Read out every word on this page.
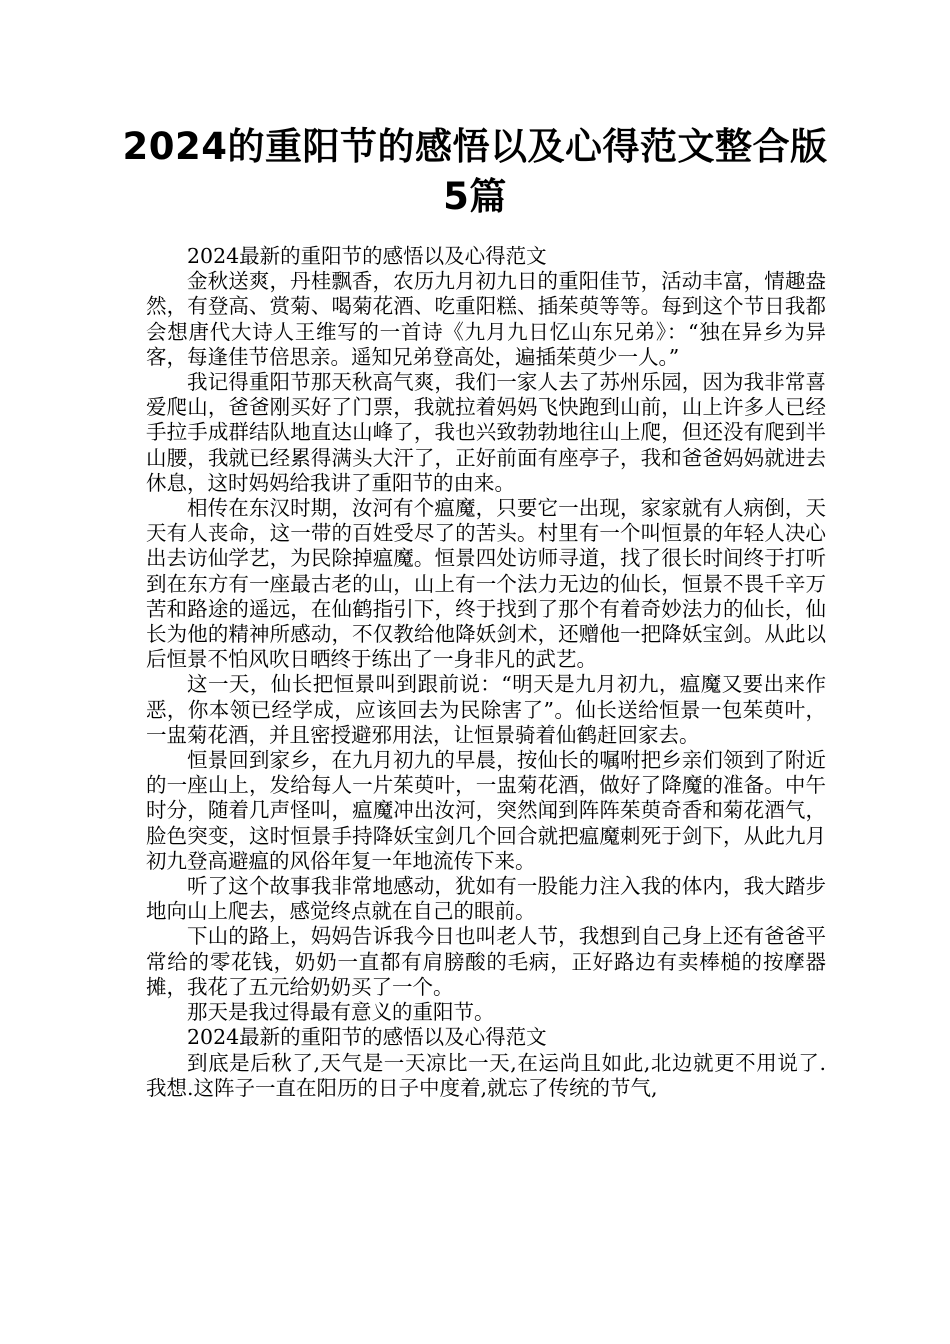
2024的重阳节的感悟以及心得范文整合版5篇

2024最新的重阳节的感悟以及心得范文

金秋送爽，丹桂飘香，农历九月初九日的重阳佳节，活动丰富，情趣盎然，有登高、赏菊、喝菊花酒、吃重阳糕、插茱萸等等。每到这个节日我都会想唐代大诗人王维写的一首诗《九月九日忆山东兄弟》：“独在异乡为异客，每逢佳节倍思亲。遥知兄弟登高处，遍插茱萸少一人。”

我记得重阳节那天秋高气爽，我们一家人去了苏州乐园，因为我非常喜爱爬山，爸爸刚买好了门票，我就拉着妈妈飞快跑到山前，山上许多人已经手拉手成群结队地直达山峰了，我也兴致勃勃地往山上爬，但还没有爬到半山腰，我就已经累得满头大汗了，正好前面有座亭子，我和爸爸妈妈就进去休息，这时妈妈给我讲了重阳节的由来。

相传在东汉时期，汝河有个瘟魔，只要它一出现，家家就有人病倒，天天有人丧命，这一带的百姓受尽了的苦头。村里有一个叫恒景的年轻人决心出去访仙学艺，为民除掉瘟魔。恒景四处访师寻道，找了很长时间终于打听到在东方有一座最古老的山，山上有一个法力无边的仙长，恒景不畏千辛万苦和路途的遥远，在仙鹤指引下，终于找到了那个有着奇妙法力的仙长，仙长为他的精神所感动，不仅教给他降妖剑术，还赠他一把降妖宝剑。从此以后恒景不怕风吹日晒终于练出了一身非凡的武艺。

这一天，仙长把恒景叫到跟前说：“明天是九月初九，瘟魔又要出来作恶，你本领已经学成，应该回去为民除害了”。仙长送给恒景一包茱萸叶，一盅菊花酒，并且密授避邪用法，让恒景骑着仙鹤赶回家去。

恒景回到家乡，在九月初九的早晨，按仙长的嘱咐把乡亲们领到了附近的一座山上，发给每人一片茱萸叶，一盅菊花酒，做好了降魔的准备。中午时分，随着几声怪叫，瘟魔冲出汝河，突然闻到阵阵茱萸奇香和菊花酒气，脸色突变，这时恒景手持降妖宝剑几个回合就把瘟魔刺死于剑下，从此九月初九登高避瘟的风俗年复一年地流传下来。

听了这个故事我非常地感动，犹如有一股能力注入我的体内，我大踏步地向山上爬去，感觉终点就在自己的眼前。

下山的路上，妈妈告诉我今日也叫老人节，我想到自己身上还有爸爸平常给的零花钱，奶奶一直都有肩膀酸的毛病，正好路边有卖棒槌的按摩器摊，我花了五元给奶奶买了一个。

那天是我过得最有意义的重阳节。

2024最新的重阳节的感悟以及心得范文

到底是后秋了,天气是一天凉比一天,在运尚且如此,北边就更不用说了.我想.这阵子一直在阳历的日子中度着,就忘了传统的节气,
